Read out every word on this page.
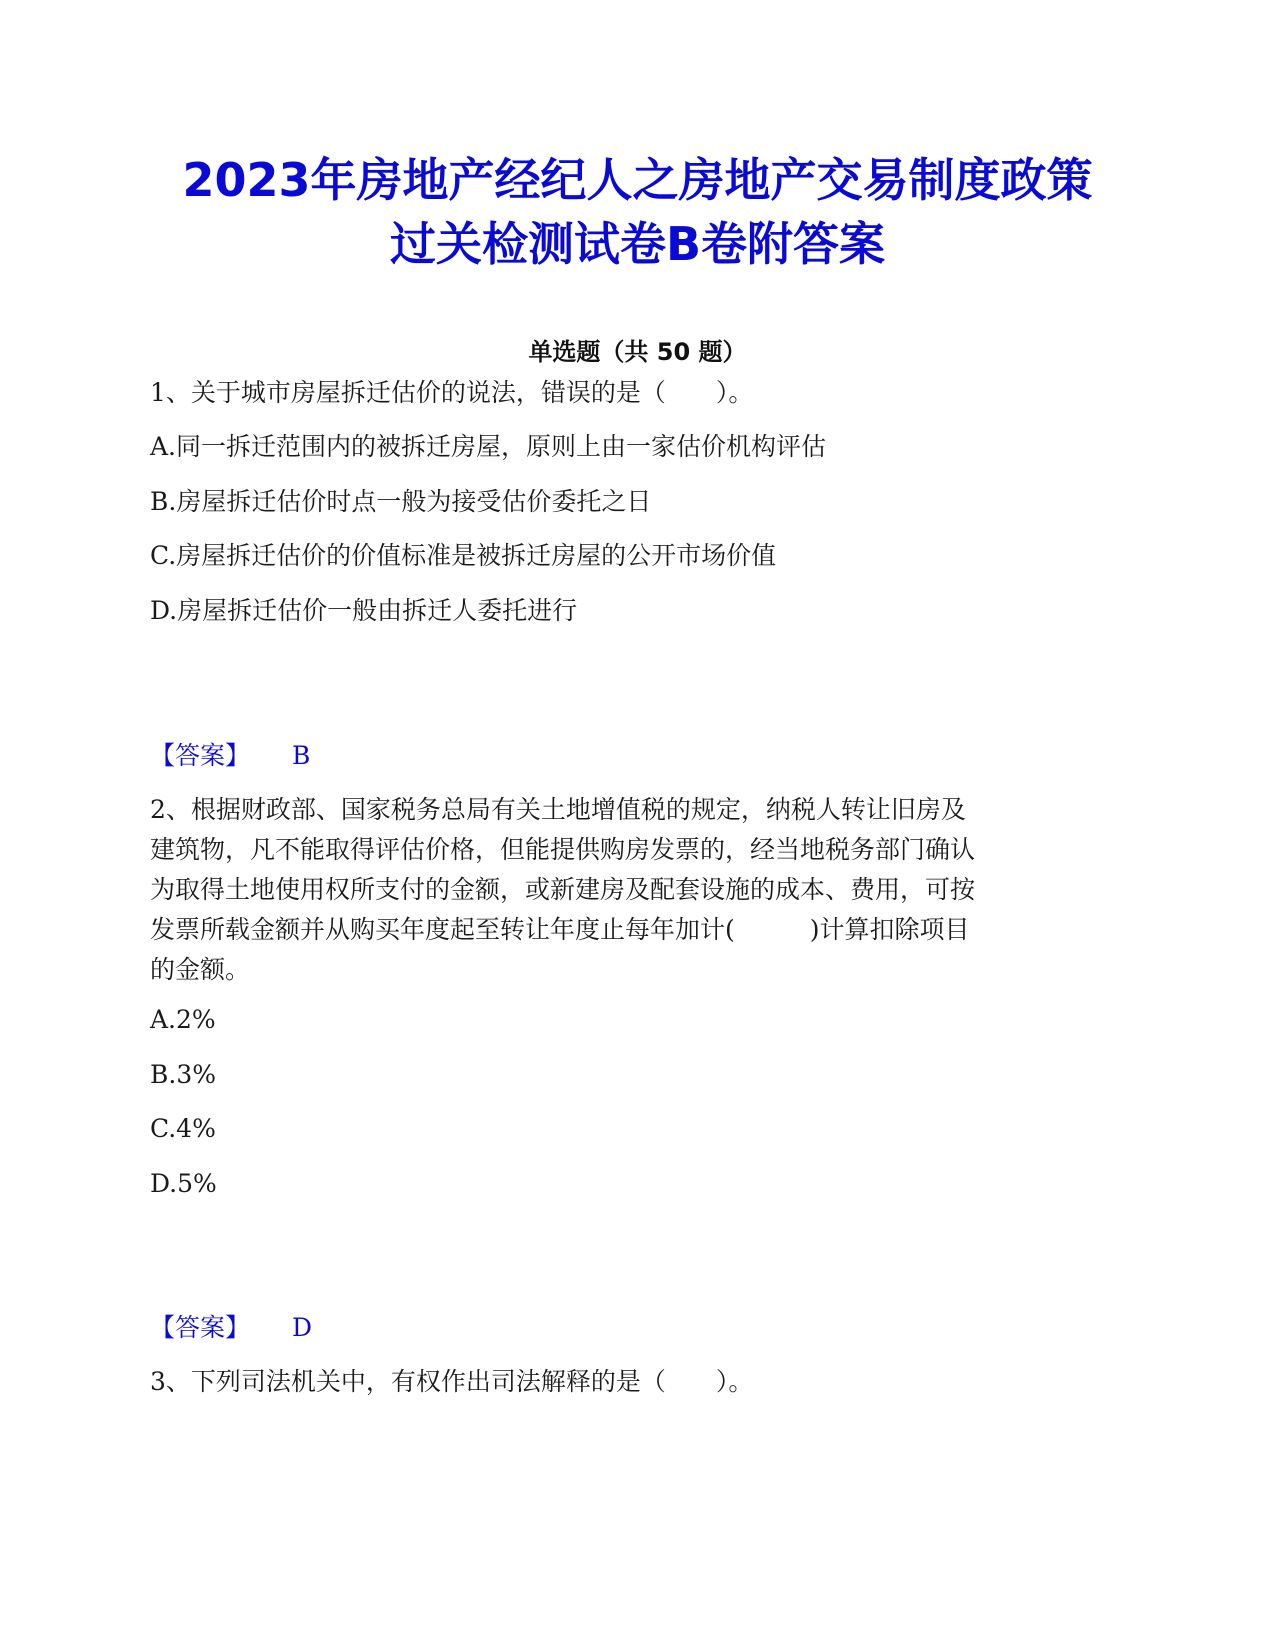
2023年房地产经纪人之房地产交易制度政策
过关检测试卷B卷附答案
单选题（共 50 题）
1、关于城市房屋拆迁估价的说法，错误的是（　　）。
A.同一拆迁范围内的被拆迁房屋，原则上由一家估价机构评估
B.房屋拆迁估价时点一般为接受估价委托之日
C.房屋拆迁估价的价值标准是被拆迁房屋的公开市场价值
D.房屋拆迁估价一般由拆迁人委托进行
【答案】 B
2、根据财政部、国家税务总局有关土地增值税的规定，纳税人转让旧房及
建筑物，凡不能取得评估价格，但能提供购房发票的，经当地税务部门确认
为取得土地使用权所支付的金额，或新建房及配套设施的成本、费用，可按
发票所载金额并从购买年度起至转让年度止每年加计(　　　)计算扣除项目
的金额。
A.2%
B.3%
C.4%
D.5%
【答案】 D
3、下列司法机关中，有权作出司法解释的是（　　）。
